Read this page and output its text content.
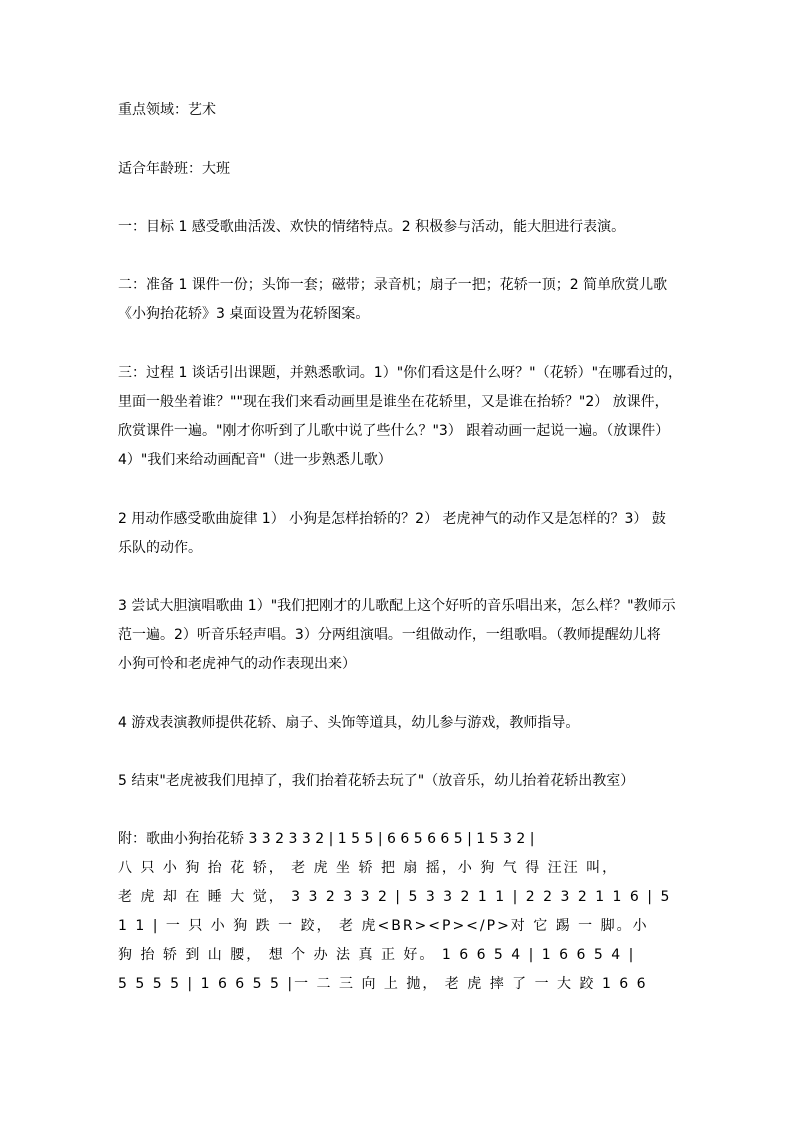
重点领域：艺术

适合年龄班：大班

一：目标 1 感受歌曲活泼、欢快的情绪特点。2 积极参与活动，能大胆进行表演。

二：准备 1 课件一份；头饰一套；磁带；录音机；扇子一把；花轿一顶；2 简单欣赏儿歌
《小狗抬花轿》3 桌面设置为花轿图案。

三：过程 1 谈话引出课题，并熟悉歌词。1）"你们看这是什么呀？"（花轿）"在哪看过的，
里面一般坐着谁？""现在我们来看动画里是谁坐在花轿里，又是谁在抬轿？"2） 放课件，
欣赏课件一遍。"刚才你听到了儿歌中说了些什么？"3） 跟着动画一起说一遍。（放课件）
4）"我们来给动画配音"（进一步熟悉儿歌）

2 用动作感受歌曲旋律 1） 小狗是怎样抬轿的？2） 老虎神气的动作又是怎样的？3） 鼓
乐队的动作。

3 尝试大胆演唱歌曲 1）"我们把刚才的儿歌配上这个好听的音乐唱出来，怎么样？"教师示
范一遍。2）听音乐轻声唱。3）分两组演唱。一组做动作，一组歌唱。（教师提醒幼儿将
小狗可怜和老虎神气的动作表现出来）

4 游戏表演教师提供花轿、扇子、头饰等道具，幼儿参与游戏，教师指导。

5 结束"老虎被我们甩掉了，我们抬着花轿去玩了"（放音乐，幼儿抬着花轿出教室）

附：歌曲小狗抬花轿 3 3 2 3 3 2 | 1 5 5 | 6 6 5 6 6 5 | 1 5 3 2 |
八 只 小 狗 抬 花 轿， 老 虎 坐 轿 把 扇 摇，小 狗 气 得 汪汪 叫，
老 虎 却 在 睡 大 觉， 3 3 2 3 3 2 | 5 3 3 2 1 1 | 2 2 3 2 1 1 6 | 5
1 1 | 一 只 小 狗 跌 一 跤， 老 虎<BR><P></P>对 它 踢 一 脚。小
狗 抬 轿 到 山 腰， 想 个 办 法 真 正 好。 1 6 6 5 4 | 1 6 6 5 4 |
5 5 5 5 | 1 6 6 5 5 |一 二 三 向 上 抛， 老 虎 摔 了 一 大 跤 1 6 6
